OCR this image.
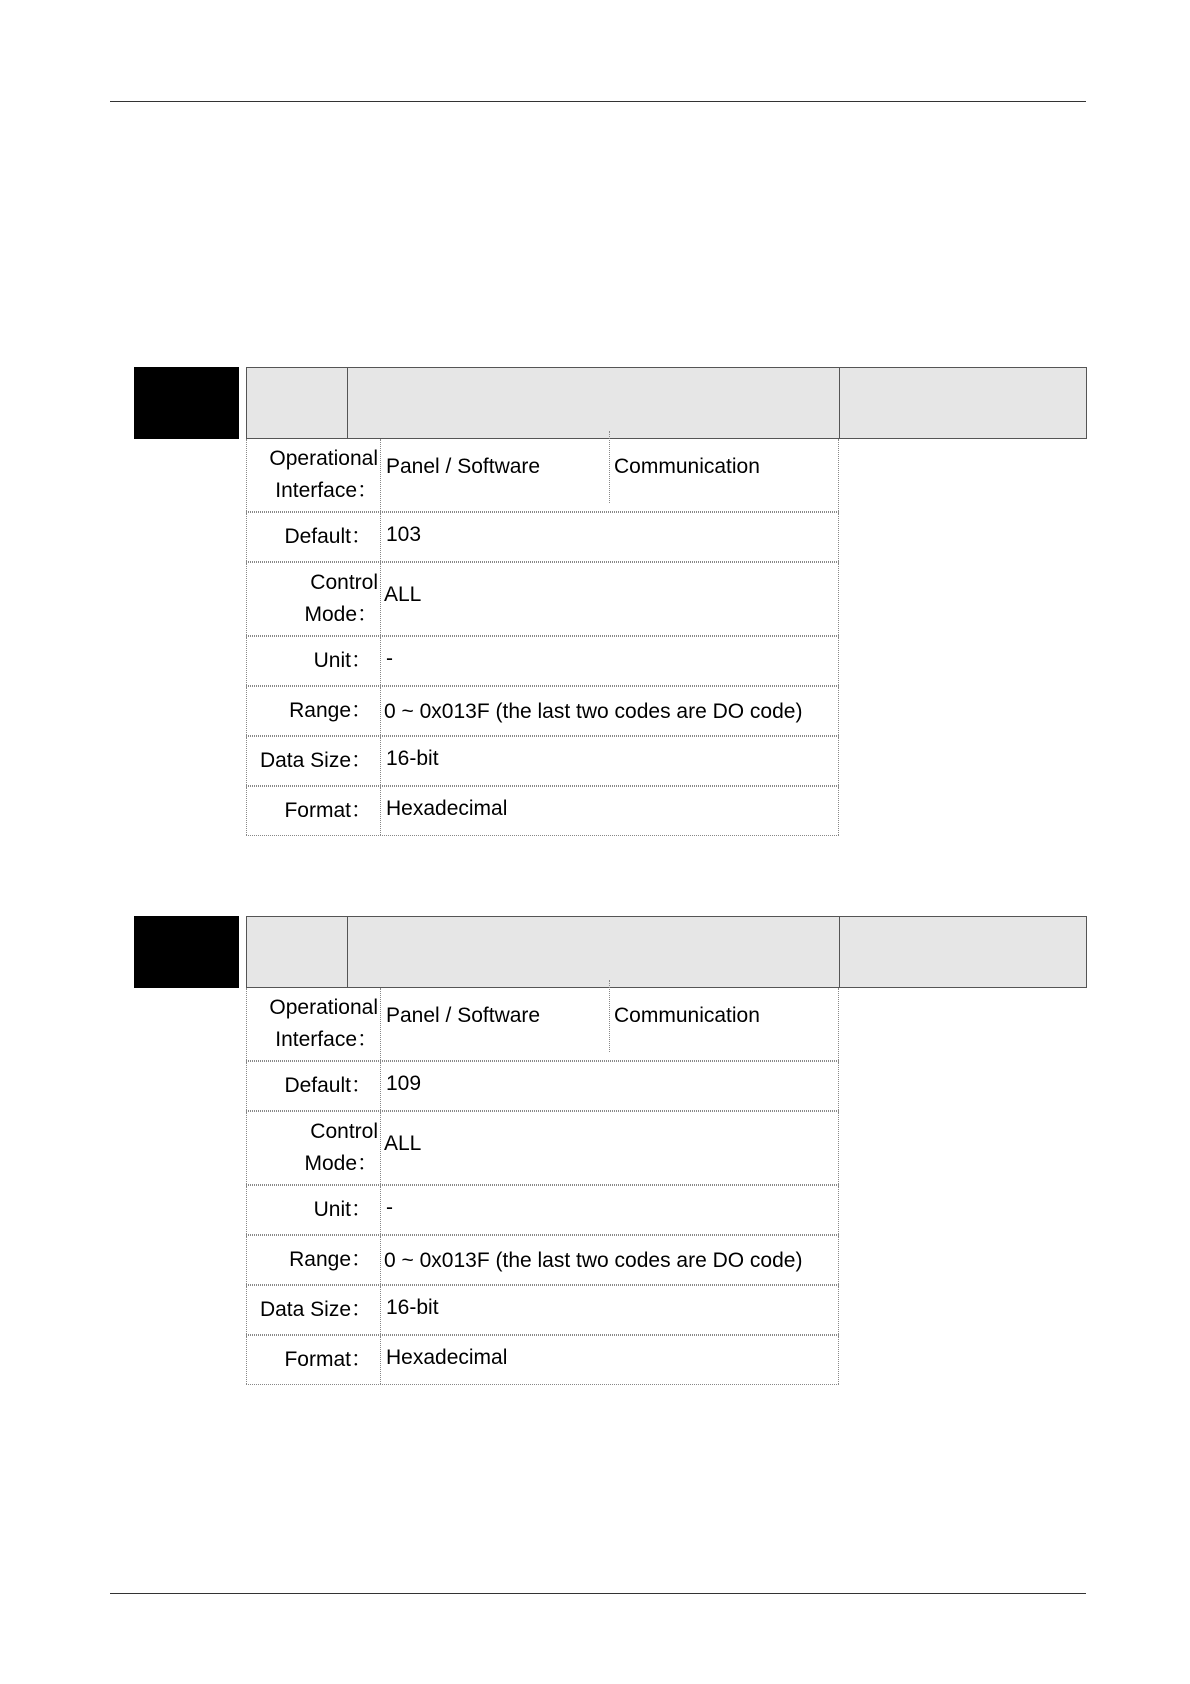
Operational
Interface：
Panel / Software	Communication
Default： 103
Control
Mode：
ALL
Unit： -
Range： 0 ~ 0x013F (the last two codes are DO code)
Data Size： 16-bit
Format： Hexadecimal
Operational
Interface：
Panel / Software	Communication
Default： 109
Control
Mode：
ALL
Unit： -
Range： 0 ~ 0x013F (the last two codes are DO code)
Data Size： 16-bit
Format： Hexadecimal
